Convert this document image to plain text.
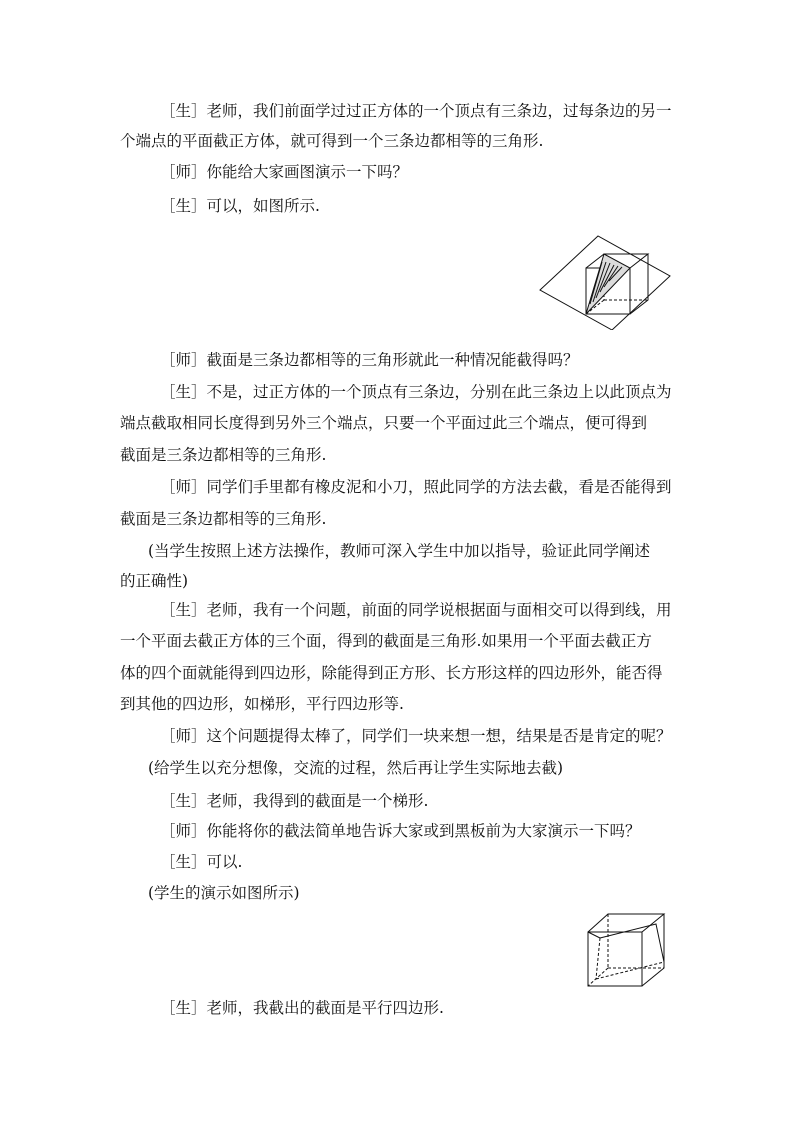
［生］老师，我们前面学过过正方体的一个顶点有三条边，过每条边的另一
个端点的平面截正方体，就可得到一个三条边都相等的三角形.
［师］你能给大家画图演示一下吗？
［生］可以，如图所示.
［师］截面是三条边都相等的三角形就此一种情况能截得吗？
［生］不是，过正方体的一个顶点有三条边，分别在此三条边上以此顶点为
端点截取相同长度得到另外三个端点，只要一个平面过此三个端点，便可得到
截面是三条边都相等的三角形.
［师］同学们手里都有橡皮泥和小刀，照此同学的方法去截，看是否能得到
截面是三条边都相等的三角形.
(当学生按照上述方法操作，教师可深入学生中加以指导，验证此同学阐述
的正确性)
［生］老师，我有一个问题，前面的同学说根据面与面相交可以得到线，用
一个平面去截正方体的三个面，得到的截面是三角形.如果用一个平面去截正方
体的四个面就能得到四边形，除能得到正方形、长方形这样的四边形外，能否得
到其他的四边形，如梯形，平行四边形等.
［师］这个问题提得太棒了，同学们一块来想一想，结果是否是肯定的呢？
(给学生以充分想像，交流的过程，然后再让学生实际地去截)
［生］老师，我得到的截面是一个梯形.
［师］你能将你的截法简单地告诉大家或到黑板前为大家演示一下吗？
［生］可以.
(学生的演示如图所示)
［生］老师，我截出的截面是平行四边形.
